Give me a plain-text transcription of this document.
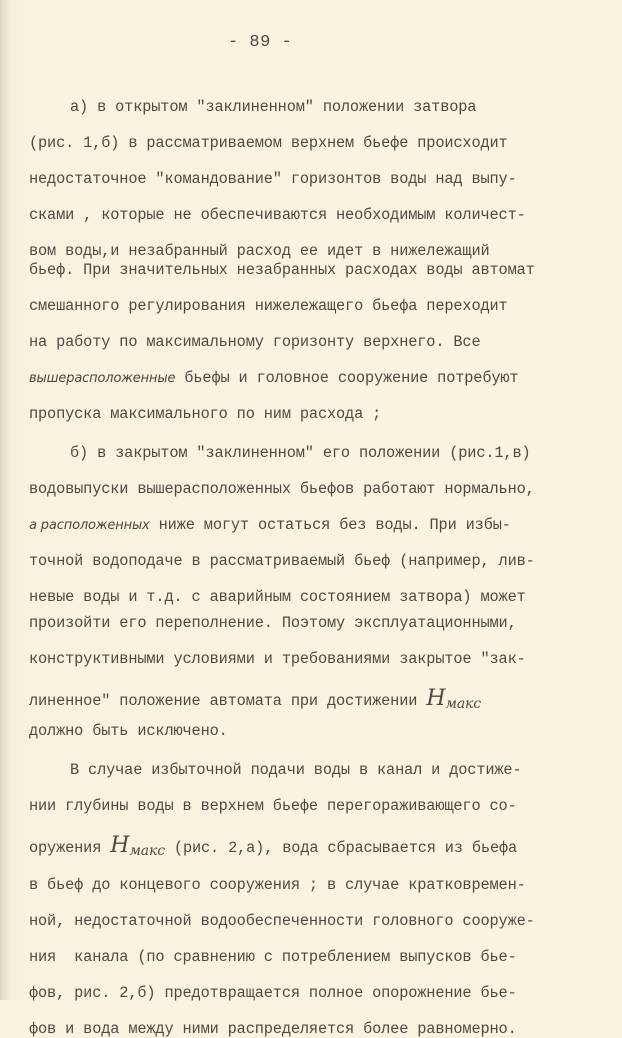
- 89 -
а) в открытом "заклиненном" положении затвора
(рис. 1,б) в рассматриваемом верхнем бьефе происходит
недостаточное "командование" горизонтов воды над выпу-
сками , которые не обеспечиваются необходимым количест-
вом воды,и незабранный расход ее идет в нижележащий
бьеф. При значительных незабранных расходах воды автомат
смешанного регулирования нижележащего бьефа переходит
на работу по максимальному горизонту верхнего. Все
вышерасположенные бьефы и головное сооружение потребуют
пропуска максимального по ним расхода ;
б) в закрытом "заклиненном" его положении (рис.1,в)
водовыпуски вышерасположенных бьефов работают нормально,
а расположенных ниже могут остаться без воды. При избы-
точной водоподаче в рассматриваемый бьеф (например, лив-
невые воды и т.д. с аварийным состоянием затвора) может
произойти его переполнение. Поэтому эксплуатационными,
конструктивными условиями и требованиями закрытое "зак-
линенное" положение автомата при достижении Hмакс
должно быть исключено.
В случае избыточной подачи воды в канал и достиже-
нии глубины воды в верхнем бьефе перегораживающего со-
оружения Hмакс (рис. 2,а), вода сбрасывается из бьефа
в бьеф до концевого сооружения ; в случае кратковремен-
ной, недостаточной водообеспеченности головного сооруже-
ния  канала (по сравнению с потреблением выпусков бье-
фов, рис. 2,б) предотвращается полное опорожнение бье-
фов и вода между ними распределяется более равномерно.
